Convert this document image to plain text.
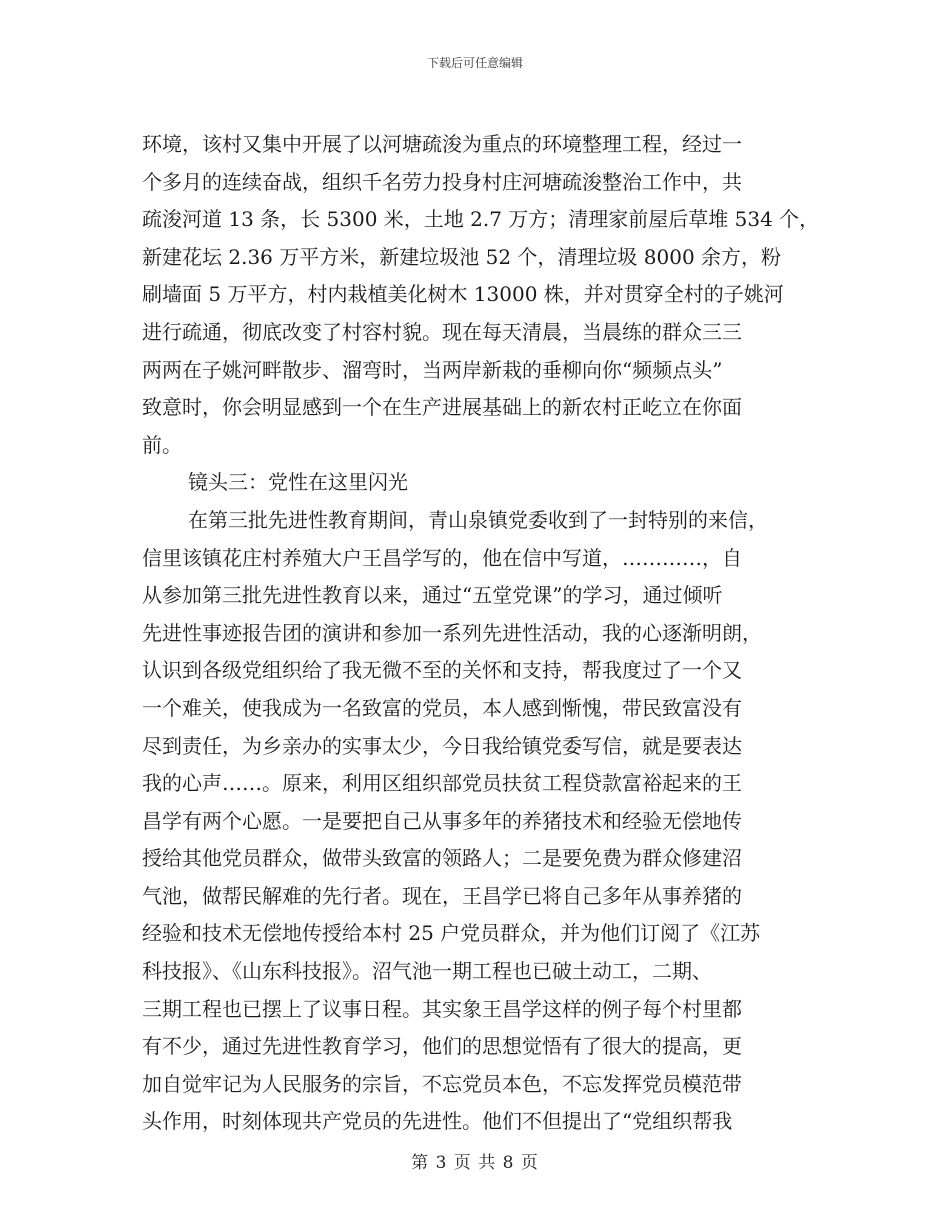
下载后可任意编辑
环境，该村又集中开展了以河塘疏浚为重点的环境整理工程，经过一
个多月的连续奋战，组织千名劳力投身村庄河塘疏浚整治工作中，共
疏浚河道 13 条，长 5300 米，土地 2.7 万方；清理家前屋后草堆 534 个，
新建花坛 2.36 万平方米，新建垃圾池 52 个，清理垃圾 8000 余方，粉
刷墙面 5 万平方，村内栽植美化树木 13000 株，并对贯穿全村的子姚河
进行疏通，彻底改变了村容村貌。现在每天清晨，当晨练的群众三三
两两在子姚河畔散步、溜弯时，当两岸新栽的垂柳向你“频频点头”
致意时，你会明显感到一个在生产进展基础上的新农村正屹立在你面
前。
镜头三：党性在这里闪光
在第三批先进性教育期间，青山泉镇党委收到了一封特别的来信，
信里该镇花庄村养殖大户王昌学写的，他在信中写道，…………，自
从参加第三批先进性教育以来，通过“五堂党课”的学习，通过倾听
先进性事迹报告团的演讲和参加一系列先进性活动，我的心逐渐明朗，
认识到各级党组织给了我无微不至的关怀和支持，帮我度过了一个又
一个难关，使我成为一名致富的党员，本人感到惭愧，带民致富没有
尽到责任，为乡亲办的实事太少，今日我给镇党委写信，就是要表达
我的心声……。原来，利用区组织部党员扶贫工程贷款富裕起来的王
昌学有两个心愿。一是要把自己从事多年的养猪技术和经验无偿地传
授给其他党员群众，做带头致富的领路人；二是要免费为群众修建沼
气池，做帮民解难的先行者。现在，王昌学已将自己多年从事养猪的
经验和技术无偿地传授给本村 25 户党员群众，并为他们订阅了《江苏
科技报》、《山东科技报》。沼气池一期工程也已破土动工，二期、
三期工程也已摆上了议事日程。其实象王昌学这样的例子每个村里都
有不少，通过先进性教育学习，他们的思想觉悟有了很大的提高，更
加自觉牢记为人民服务的宗旨，不忘党员本色，不忘发挥党员模范带
头作用，时刻体现共产党员的先进性。他们不但提出了“党组织帮我
第 3 页 共 8 页
